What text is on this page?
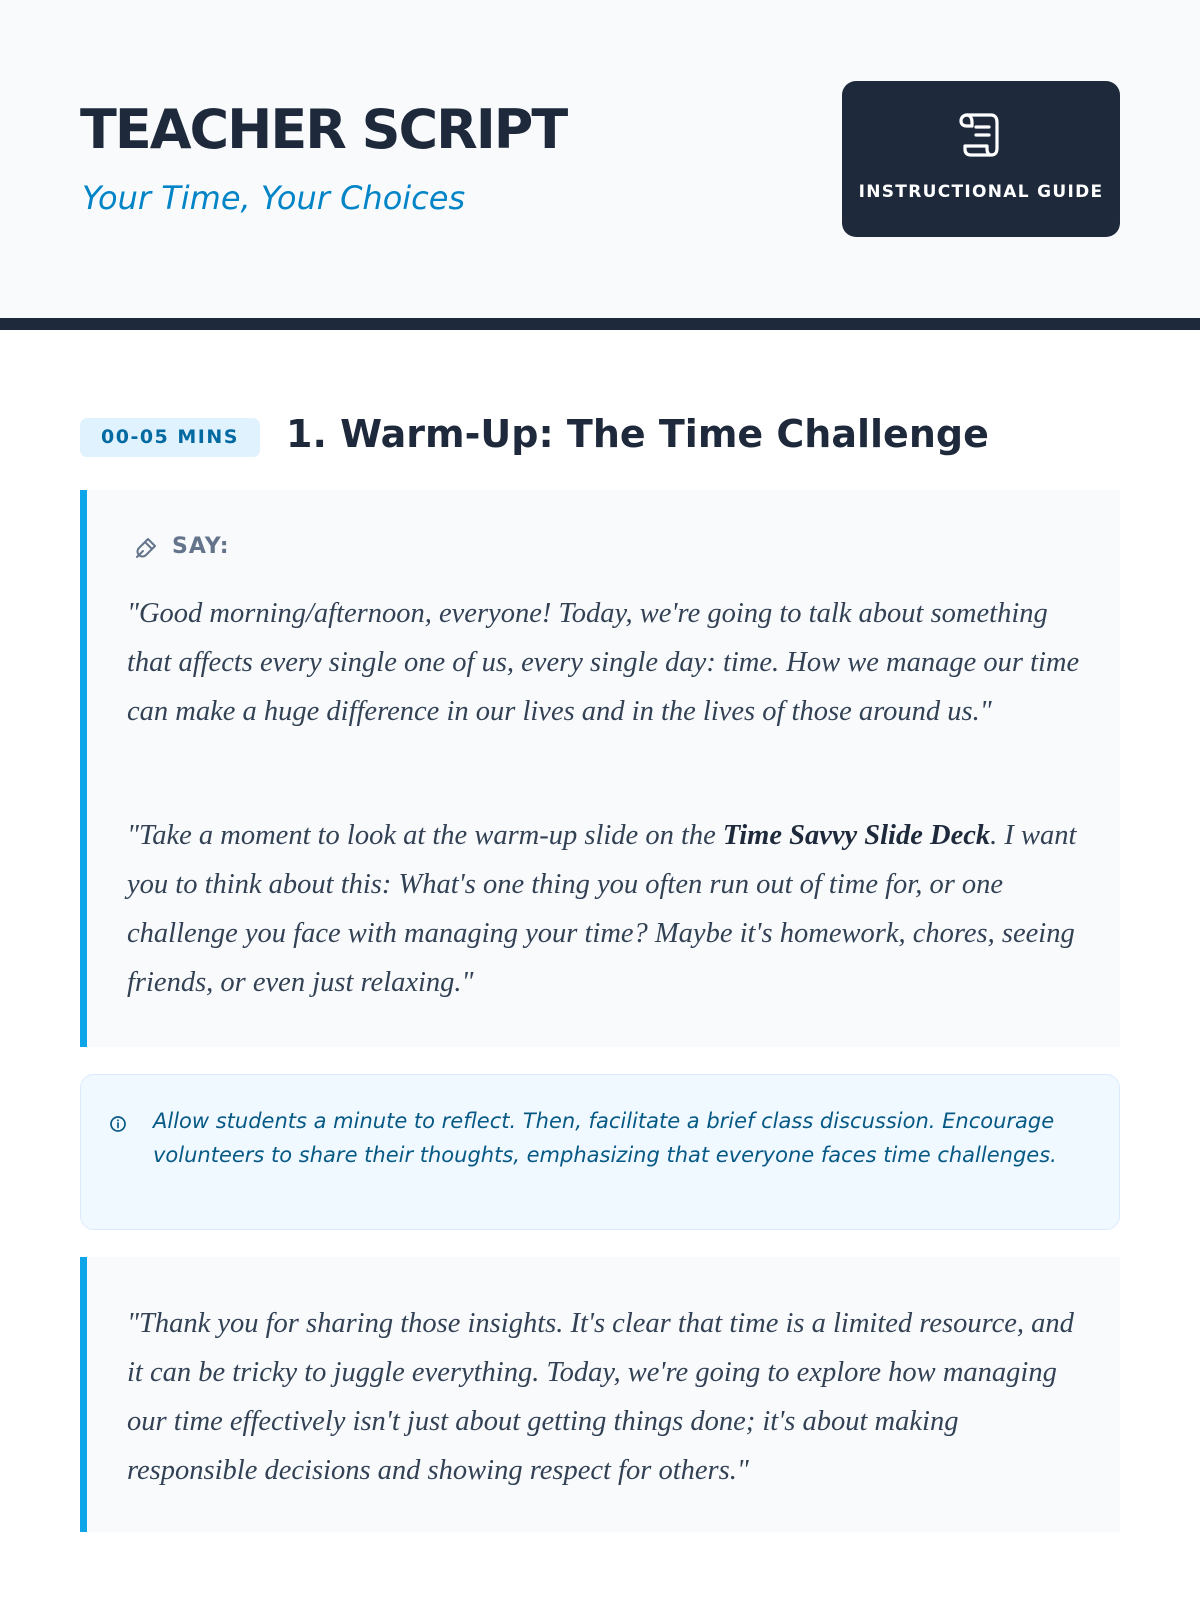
TEACHER SCRIPT
Your Time, Your Choices	INSTRUCTIONAL GUIDE
00-05 MINS	1. Warm-Up: The Time Challenge
SAY:

"Good morning/afternoon, everyone! Today, we're going to talk about something that affects every single one of us, every single day: time. How we manage our time can make a huge difference in our lives and in the lives of those around us."

"Take a moment to look at the warm-up slide on the Time Savvy Slide Deck. I want you to think about this: What's one thing you often run out of time for, or one challenge you face with managing your time? Maybe it's homework, chores, seeing friends, or even just relaxing."

Allow students a minute to reflect. Then, facilitate a brief class discussion. Encourage volunteers to share their thoughts, emphasizing that everyone faces time challenges.

"Thank you for sharing those insights. It's clear that time is a limited resource, and it can be tricky to juggle everything. Today, we're going to explore how managing our time effectively isn't just about getting things done; it's about making responsible decisions and showing respect for others."
